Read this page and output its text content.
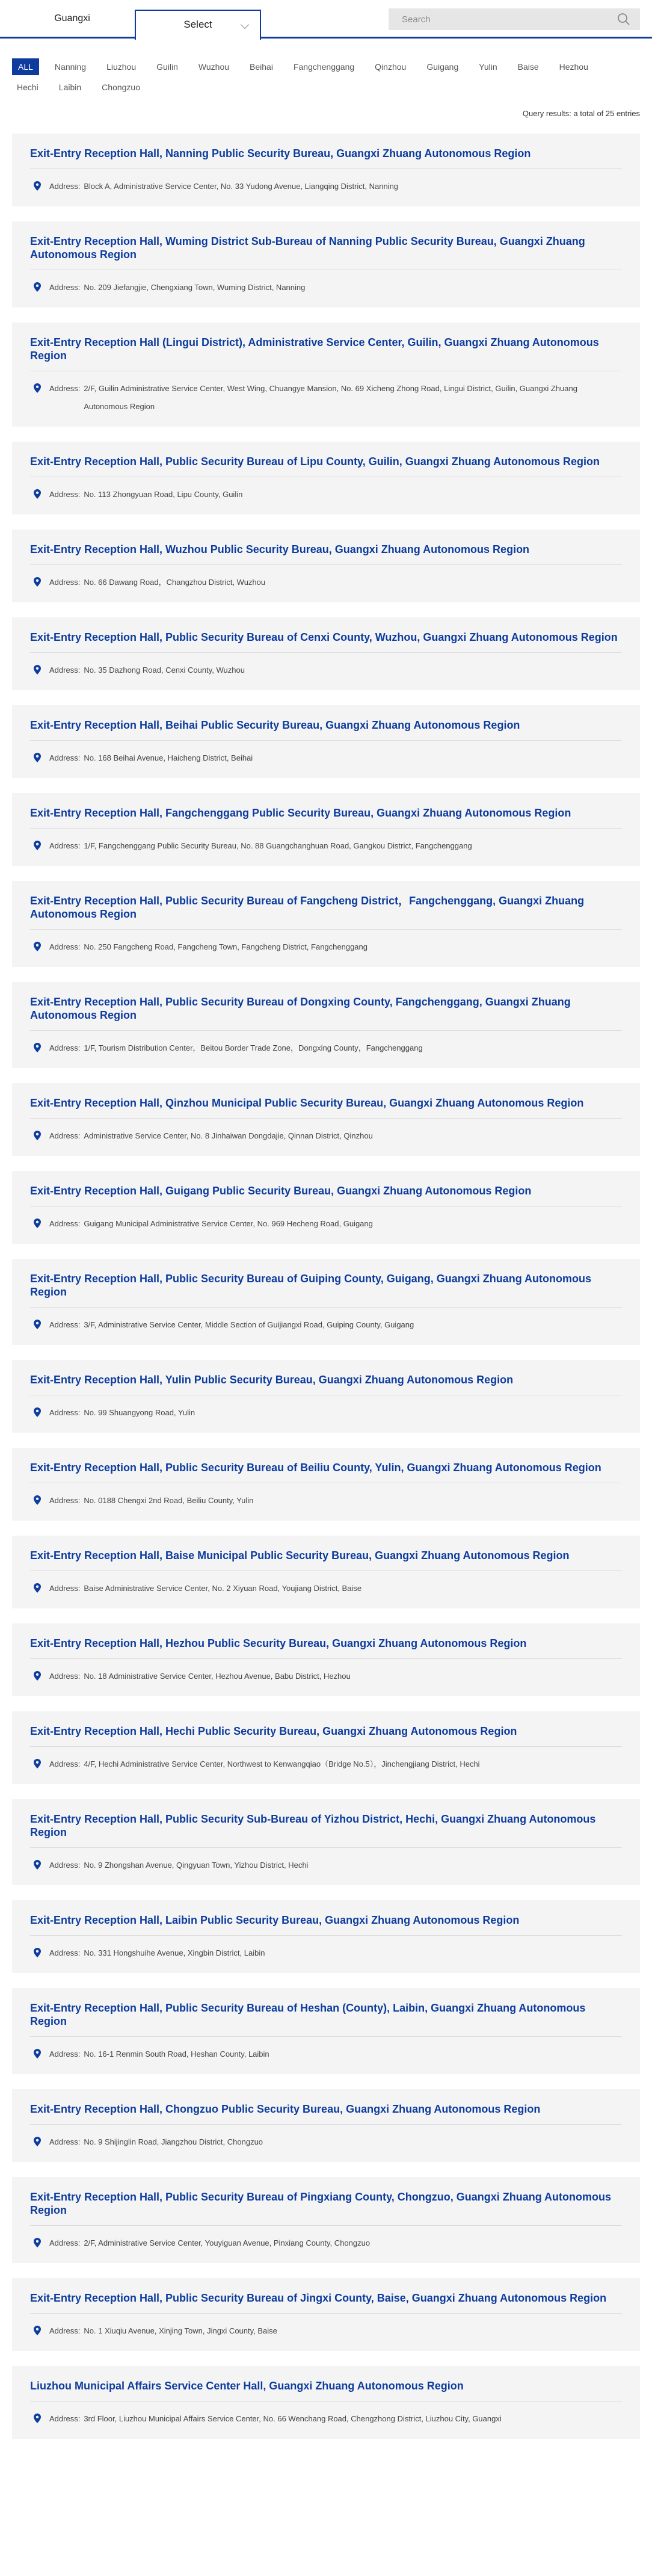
Guangxi
Select
Search
ALL	Nanning	Liuzhou	Guilin	Wuzhou	Beihai	Fangchenggang	Qinzhou	Guigang	Yulin	Baise	Hezhou
Hechi	Laibin	Chongzuo
Query results: a total of 25 entries
Exit-Entry Reception Hall, Nanning Public Security Bureau, Guangxi Zhuang Autonomous Region
Address: Block A, Administrative Service Center, No. 33 Yudong Avenue, Liangqing District, Nanning
Exit-Entry Reception Hall, Wuming District Sub-Bureau of Nanning Public Security Bureau, Guangxi Zhuang Autonomous Region
Address: No. 209 Jiefangjie, Chengxiang Town, Wuming District, Nanning
Exit-Entry Reception Hall (Lingui District), Administrative Service Center, Guilin, Guangxi Zhuang Autonomous Region
Address: 2/F, Guilin Administrative Service Center, West Wing, Chuangye Mansion, No. 69 Xicheng Zhong Road, Lingui District, Guilin, Guangxi Zhuang Autonomous Region
Exit-Entry Reception Hall, Public Security Bureau of Lipu County, Guilin, Guangxi Zhuang Autonomous Region
Address: No. 113 Zhongyuan Road, Lipu County, Guilin
Exit-Entry Reception Hall, Wuzhou Public Security Bureau, Guangxi Zhuang Autonomous Region
Address: No. 66 Dawang Road，Changzhou District, Wuzhou
Exit-Entry Reception Hall, Public Security Bureau of Cenxi County, Wuzhou, Guangxi Zhuang Autonomous Region
Address: No. 35 Dazhong Road, Cenxi County, Wuzhou
Exit-Entry Reception Hall, Beihai Public Security Bureau, Guangxi Zhuang Autonomous Region
Address: No. 168 Beihai Avenue, Haicheng District, Beihai
Exit-Entry Reception Hall, Fangchenggang Public Security Bureau, Guangxi Zhuang Autonomous Region
Address: 1/F, Fangchenggang Public Security Bureau, No. 88 Guangchanghuan Road, Gangkou District, Fangchenggang
Exit-Entry Reception Hall, Public Security Bureau of Fangcheng District，Fangchenggang, Guangxi Zhuang Autonomous Region
Address: No. 250 Fangcheng Road, Fangcheng Town, Fangcheng District, Fangchenggang
Exit-Entry Reception Hall, Public Security Bureau of Dongxing County, Fangchenggang, Guangxi Zhuang Autonomous Region
Address: 1/F, Tourism Distribution Center，Beitou Border Trade Zone，Dongxing County，Fangchenggang
Exit-Entry Reception Hall, Qinzhou Municipal Public Security Bureau, Guangxi Zhuang Autonomous Region
Address: Administrative Service Center, No. 8 Jinhaiwan Dongdajie, Qinnan District, Qinzhou
Exit-Entry Reception Hall, Guigang Public Security Bureau, Guangxi Zhuang Autonomous Region
Address: Guigang Municipal Administrative Service Center, No. 969 Hecheng Road, Guigang
Exit-Entry Reception Hall, Public Security Bureau of Guiping County, Guigang, Guangxi Zhuang Autonomous Region
Address: 3/F, Administrative Service Center, Middle Section of Guijiangxi Road, Guiping County, Guigang
Exit-Entry Reception Hall, Yulin Public Security Bureau, Guangxi Zhuang Autonomous Region
Address: No. 99 Shuangyong Road, Yulin
Exit-Entry Reception Hall, Public Security Bureau of Beiliu County, Yulin, Guangxi Zhuang Autonomous Region
Address: No. 0188 Chengxi 2nd Road, Beiliu County, Yulin
Exit-Entry Reception Hall, Baise Municipal Public Security Bureau, Guangxi Zhuang Autonomous Region
Address: Baise Administrative Service Center, No. 2 Xiyuan Road, Youjiang District, Baise
Exit-Entry Reception Hall, Hezhou Public Security Bureau, Guangxi Zhuang Autonomous Region
Address: No. 18 Administrative Service Center, Hezhou Avenue, Babu District, Hezhou
Exit-Entry Reception Hall, Hechi Public Security Bureau, Guangxi Zhuang Autonomous Region
Address: 4/F, Hechi Administrative Service Center, Northwest to Kenwangqiao（Bridge No.5），Jinchengjiang District, Hechi
Exit-Entry Reception Hall, Public Security Sub-Bureau of Yizhou District, Hechi, Guangxi Zhuang Autonomous Region
Address: No. 9 Zhongshan Avenue, Qingyuan Town, Yizhou District, Hechi
Exit-Entry Reception Hall, Laibin Public Security Bureau, Guangxi Zhuang Autonomous Region
Address: No. 331 Hongshuihe Avenue, Xingbin District, Laibin
Exit-Entry Reception Hall, Public Security Bureau of Heshan (County), Laibin, Guangxi Zhuang Autonomous Region
Address: No. 16-1 Renmin South Road, Heshan County, Laibin
Exit-Entry Reception Hall, Chongzuo Public Security Bureau, Guangxi Zhuang Autonomous Region
Address: No. 9 Shijinglin Road, Jiangzhou District, Chongzuo
Exit-Entry Reception Hall, Public Security Bureau of Pingxiang County, Chongzuo, Guangxi Zhuang Autonomous Region
Address: 2/F, Administrative Service Center, Youyiguan Avenue, Pinxiang County, Chongzuo
Exit-Entry Reception Hall, Public Security Bureau of Jingxi County, Baise, Guangxi Zhuang Autonomous Region
Address: No. 1 Xiuqiu Avenue, Xinjing Town, Jingxi County, Baise
Liuzhou Municipal Affairs Service Center Hall, Guangxi Zhuang Autonomous Region
Address: 3rd Floor, Liuzhou Municipal Affairs Service Center, No. 66 Wenchang Road, Chengzhong District, Liuzhou City, Guangxi
